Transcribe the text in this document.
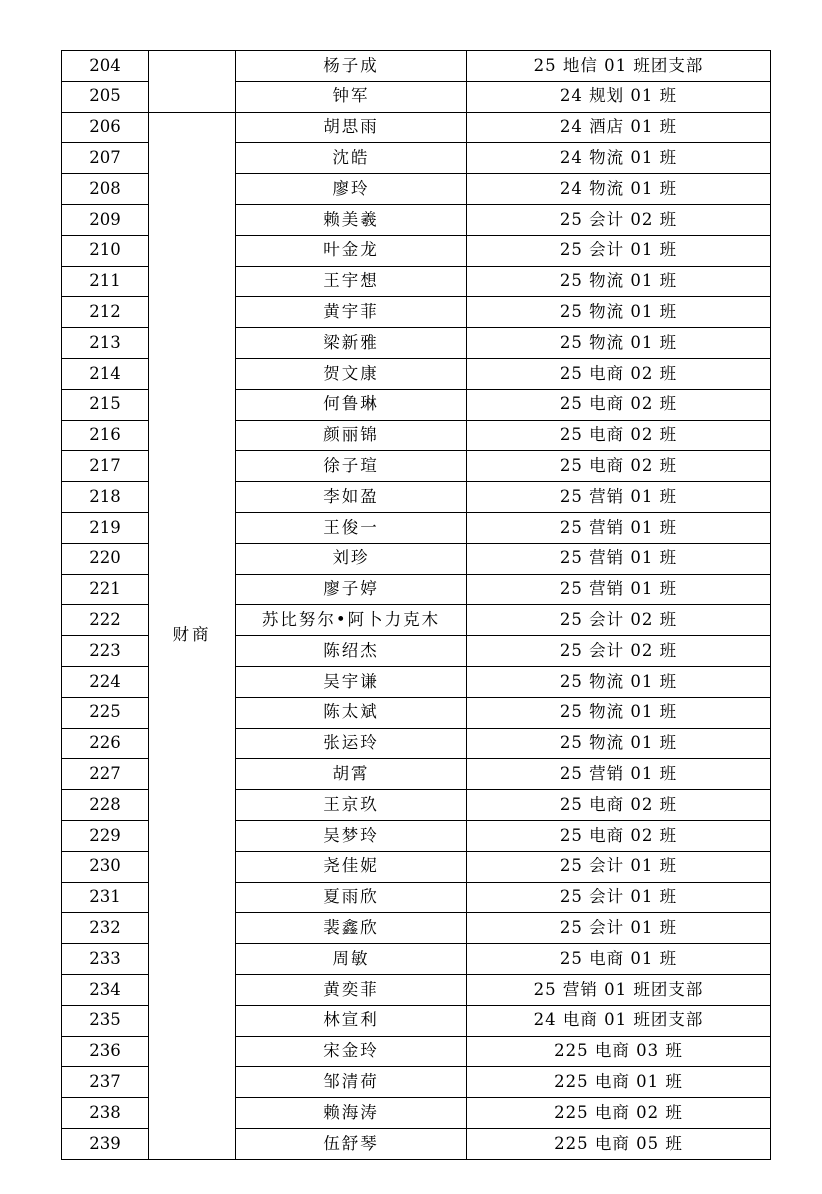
204		杨子成	25 地信 01 班团支部
205		钟军	24 规划 01 班
206	财商	胡思雨	24 酒店 01 班
207		沈皓	24 物流 01 班
208		廖玲	24 物流 01 班
209		赖美羲	25 会计 02 班
210		叶金龙	25 会计 01 班
211		王宇想	25 物流 01 班
212		黄宇菲	25 物流 01 班
213		梁新雅	25 物流 01 班
214		贺文康	25 电商 02 班
215		何鲁琳	25 电商 02 班
216		颜丽锦	25 电商 02 班
217		徐子瑄	25 电商 02 班
218		李如盈	25 营销 01 班
219		王俊一	25 营销 01 班
220		刘珍	25 营销 01 班
221		廖子婷	25 营销 01 班
222		苏比努尔•阿卜力克木	25 会计 02 班
223		陈绍杰	25 会计 02 班
224		吴宇谦	25 物流 01 班
225		陈太斌	25 物流 01 班
226		张运玲	25 物流 01 班
227		胡霄	25 营销 01 班
228		王京玖	25 电商 02 班
229		吴梦玲	25 电商 02 班
230		尧佳妮	25 会计 01 班
231		夏雨欣	25 会计 01 班
232		裴鑫欣	25 会计 01 班
233		周敏	25 电商 01 班
234		黄奕菲	25 营销 01 班团支部
235		林宣利	24 电商 01 班团支部
236		宋金玲	225 电商 03 班
237		邹清荷	225 电商 01 班
238		赖海涛	225 电商 02 班
239		伍舒琴	225 电商 05 班
